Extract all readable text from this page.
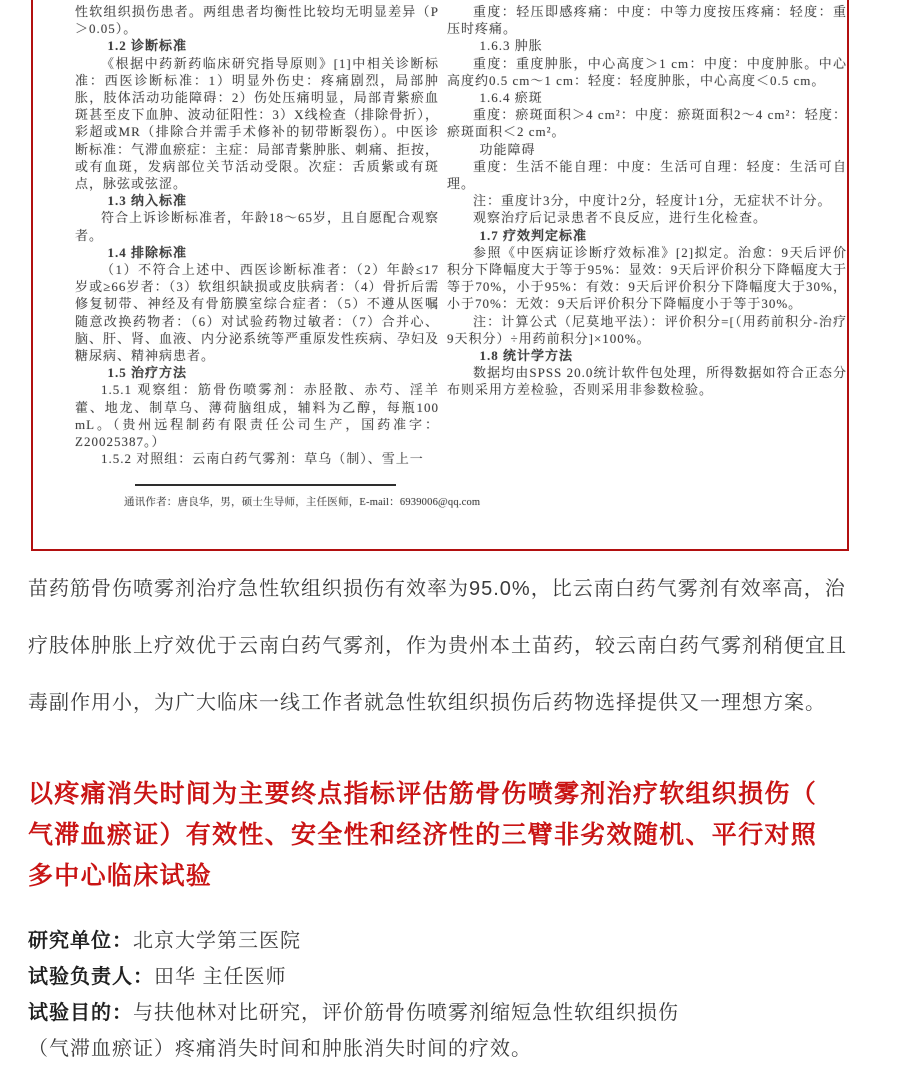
性软组织损伤患者。两组患者均衡性比较均无明显差异（P＞0.05）。

1.2 诊断标准

《根据中药新药临床研究指导原则》[1]中相关诊断标准：西医诊断标准：1）明显外伤史：疼痛剧烈，局部肿胀，肢体活动功能障碍：2）伤处压痛明显，局部青紫瘀血斑甚至皮下血肿、波动征阳性：3）X线检查（排除骨折），彩超或MR（排除合并需手术修补的韧带断裂伤）。中医诊断标准：气滞血瘀症：主症：局部青紫肿胀、刺痛、拒按，或有血斑，发病部位关节活动受限。次症：舌质紫或有斑点，脉弦或弦涩。

1.3 纳入标准

符合上诉诊断标准者，年龄18～65岁，且自愿配合观察者。

1.4 排除标准

（1）不符合上述中、西医诊断标准者：（2）年龄≤17岁或≥66岁者：（3）软组织缺损或皮肤病者：（4）骨折后需修复韧带、神经及有骨筋膜室综合症者：（5）不遵从医嘱随意改换药物者：（6）对试验药物过敏者：（7）合并心、脑、肝、肾、血液、内分泌系统等严重原发性疾病、孕妇及糖尿病、精神病患者。

1.5 治疗方法

1.5.1 观察组：筋骨伤喷雾剂：赤胫散、赤芍、淫羊藿、地龙、制草乌、薄荷脑组成，辅料为乙醇，每瓶100 mL。（贵州远程制药有限责任公司生产，国药准字：Z20025387。）

1.5.2 对照组：云南白药气雾剂：草乌（制）、雪上一

重度：轻压即感疼痛：中度：中等力度按压疼痛：轻度：重压时疼痛。

1.6.3 肿胀

重度：重度肿胀，中心高度＞1 cm：中度：中度肿胀。中心高度约0.5 cm～1 cm：轻度：轻度肿胀，中心高度＜0.5 cm。

1.6.4 瘀斑

重度：瘀斑面积＞4 cm²：中度：瘀斑面积2～4 cm²：轻度：瘀斑面积＜2 cm²。

功能障碍

重度：生活不能自理：中度：生活可自理：轻度：生活可自理。

注：重度计3分，中度计2分，轻度计1分，无症状不计分。

观察治疗后记录患者不良反应，进行生化检查。

1.7 疗效判定标准

参照《中医病证诊断疗效标准》[2]拟定。治愈：9天后评价积分下降幅度大于等于95%：显效：9天后评价积分下降幅度大于等于70%，小于95%：有效：9天后评价积分下降幅度大于30%，小于70%：无效：9天后评价积分下降幅度小于等于30%。

注：计算公式（尼莫地平法）：评价积分=[（用药前积分-治疗9天积分）÷用药前积分]×100%。

1.8 统计学方法

数据均由SPSS 20.0统计软件包处理，所得数据如符合正态分布则采用方差检验，否则采用非参数检验。

通讯作者：唐良华，男，硕士生导师，主任医师，E-mail：6939006@qq.com

苗药筋骨伤喷雾剂治疗急性软组织损伤有效率为95.0%，比云南白药气雾剂有效率高，治

疗肢体肿胀上疗效优于云南白药气雾剂，作为贵州本土苗药，较云南白药气雾剂稍便宜且

毒副作用小，为广大临床一线工作者就急性软组织损伤后药物选择提供又一理想方案。

以疼痛消失时间为主要终点指标评估筋骨伤喷雾剂治疗软组织损伤（
气滞血瘀证）有效性、安全性和经济性的三臂非劣效随机、平行对照
多中心临床试验

研究单位：北京大学第三医院

试验负责人：田华 主任医师

试验目的：与扶他林对比研究，评价筋骨伤喷雾剂缩短急性软组织损伤（气滞血瘀证）疼痛消失时间和肿胀消失时间的疗效。
